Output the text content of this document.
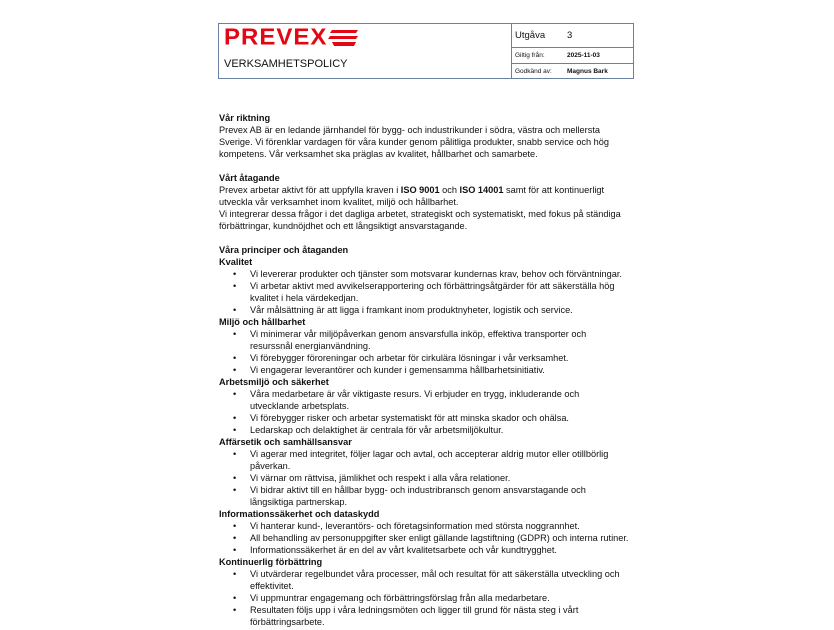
PREVEX
VERKSAMHETSPOLICY
Utgåva	3
Giltig från:	2025-11-03
Godkänd av:	Magnus Bark
Vår riktning

Prevex AB är en ledande järnhandel för bygg- och industrikunder i södra, västra och mellersta Sverige. Vi förenklar vardagen för våra kunder genom pålitliga produkter, snabb service och hög kompetens. Vår verksamhet ska präglas av kvalitet, hållbarhet och samarbete.

Vårt åtagande

Prevex arbetar aktivt för att uppfylla kraven i ISO 9001 och ISO 14001 samt för att kontinuerligt utveckla vår verksamhet inom kvalitet, miljö och hållbarhet.

Vi integrerar dessa frågor i det dagliga arbetet, strategiskt och systematiskt, med fokus på ständiga förbättringar, kundnöjdhet och ett långsiktigt ansvarstagande.

Våra principer och åtaganden
Kvalitet
• Vi levererar produkter och tjänster som motsvarar kundernas krav, behov och förväntningar.
• Vi arbetar aktivt med avvikelserapportering och förbättringsåtgärder för att säkerställa hög kvalitet i hela värdekedjan.
• Vår målsättning är att ligga i framkant inom produktnyheter, logistik och service.
Miljö och hållbarhet
• Vi minimerar vår miljöpåverkan genom ansvarsfulla inköp, effektiva transporter och resurssnål energianvändning.
• Vi förebygger föroreningar och arbetar för cirkulära lösningar i vår verksamhet.
• Vi engagerar leverantörer och kunder i gemensamma hållbarhetsinitiativ.
Arbetsmiljö och säkerhet
• Våra medarbetare är vår viktigaste resurs. Vi erbjuder en trygg, inkluderande och utvecklande arbetsplats.
• Vi förebygger risker och arbetar systematiskt för att minska skador och ohälsa.
• Ledarskap och delaktighet är centrala för vår arbetsmiljökultur.
Affärsetik och samhällsansvar
• Vi agerar med integritet, följer lagar och avtal, och accepterar aldrig mutor eller otillbörlig påverkan.
• Vi värnar om rättvisa, jämlikhet och respekt i alla våra relationer.
• Vi bidrar aktivt till en hållbar bygg- och industribransch genom ansvarstagande och långsiktiga partnerskap.
Informationssäkerhet och dataskydd
• Vi hanterar kund-, leverantörs- och företagsinformation med största noggrannhet.
• All behandling av personuppgifter sker enligt gällande lagstiftning (GDPR) och interna rutiner.
• Informationssäkerhet är en del av vårt kvalitetsarbete och vår kundtrygghet.
Kontinuerlig förbättring
• Vi utvärderar regelbundet våra processer, mål och resultat för att säkerställa utveckling och effektivitet.
• Vi uppmuntrar engagemang och förbättringsförslag från alla medarbetare.
• Resultaten följs upp i våra ledningsmöten och ligger till grund för nästa steg i vårt förbättringsarbete.
